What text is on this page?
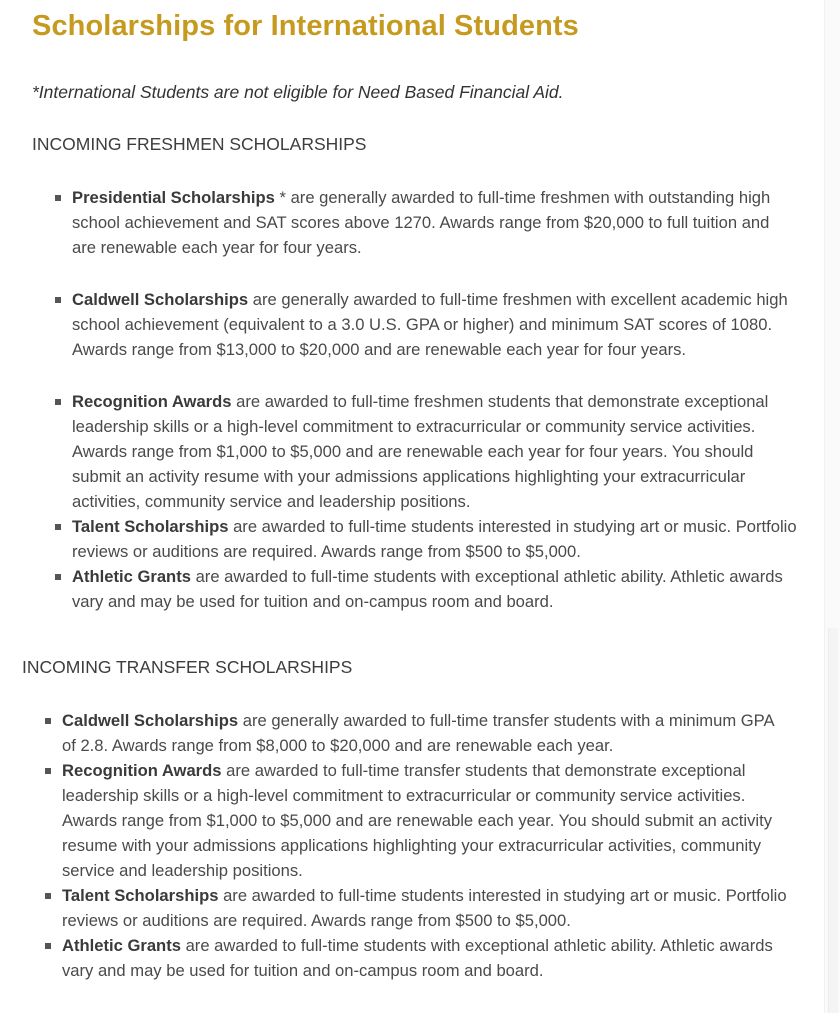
Scholarships for International Students

*International Students are not eligible for Need Based Financial Aid.

INCOMING FRESHMEN SCHOLARSHIPS
Presidential Scholarships * are generally awarded to full-time freshmen with outstanding high school achievement and SAT scores above 1270. Awards range from $20,000 to full tuition and are renewable each year for four years.
Caldwell Scholarships are generally awarded to full-time freshmen with excellent academic high school achievement (equivalent to a 3.0 U.S. GPA or higher) and minimum SAT scores of 1080. Awards range from $13,000 to $20,000 and are renewable each year for four years.
Recognition Awards are awarded to full-time freshmen students that demonstrate exceptional leadership skills or a high-level commitment to extracurricular or community service activities. Awards range from $1,000 to $5,000 and are renewable each year for four years. You should submit an activity resume with your admissions applications highlighting your extracurricular activities, community service and leadership positions.
Talent Scholarships are awarded to full-time students interested in studying art or music. Portfolio reviews or auditions are required. Awards range from $500 to $5,000.
Athletic Grants are awarded to full-time students with exceptional athletic ability. Athletic awards vary and may be used for tuition and on-campus room and board.
INCOMING TRANSFER SCHOLARSHIPS
Caldwell Scholarships are generally awarded to full-time transfer students with a minimum GPA of 2.8. Awards range from $8,000 to $20,000 and are renewable each year.
Recognition Awards are awarded to full-time transfer students that demonstrate exceptional leadership skills or a high-level commitment to extracurricular or community service activities. Awards range from $1,000 to $5,000 and are renewable each year. You should submit an activity resume with your admissions applications highlighting your extracurricular activities, community service and leadership positions.
Talent Scholarships are awarded to full-time students interested in studying art or music. Portfolio reviews or auditions are required. Awards range from $500 to $5,000.
Athletic Grants are awarded to full-time students with exceptional athletic ability. Athletic awards vary and may be used for tuition and on-campus room and board.
